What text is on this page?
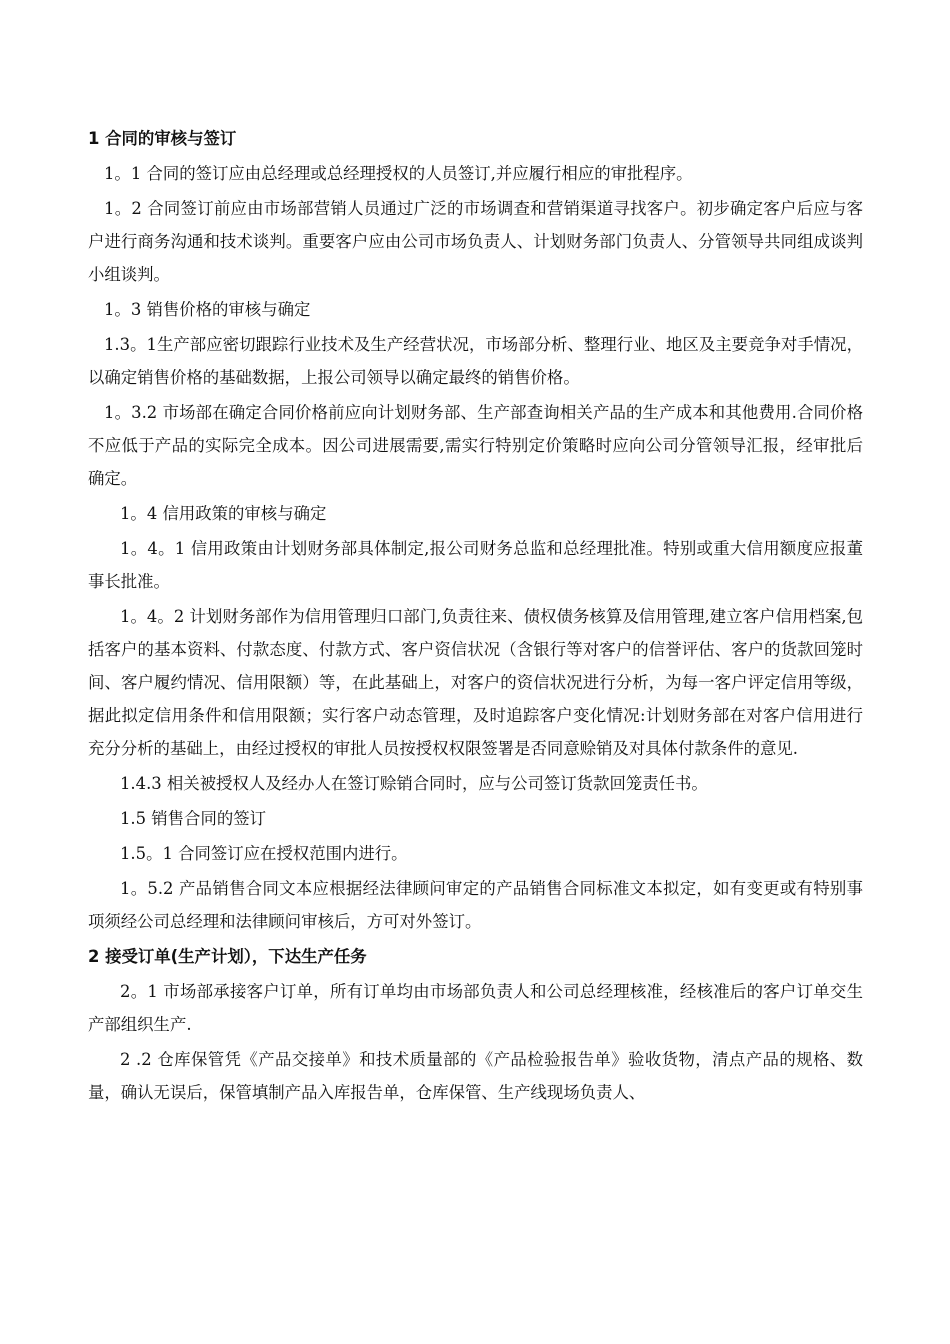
1 合同的审核与签订

1。1 合同的签订应由总经理或总经理授权的人员签订,并应履行相应的审批程序。

1。2 合同签订前应由市场部营销人员通过广泛的市场调查和营销渠道寻找客户。初步确定客户后应与客户进行商务沟通和技术谈判。重要客户应由公司市场负责人、计划财务部门负责人、分管领导共同组成谈判小组谈判。

1。3 销售价格的审核与确定

1.3。1生产部应密切跟踪行业技术及生产经营状况，市场部分析、整理行业、地区及主要竞争对手情况，以确定销售价格的基础数据，上报公司领导以确定最终的销售价格。

1。3.2 市场部在确定合同价格前应向计划财务部、生产部查询相关产品的生产成本和其他费用.合同价格不应低于产品的实际完全成本。因公司进展需要,需实行特别定价策略时应向公司分管领导汇报，经审批后确定。

1。4 信用政策的审核与确定

1。4。1 信用政策由计划财务部具体制定,报公司财务总监和总经理批准。特别或重大信用额度应报董事长批准。

1。4。2 计划财务部作为信用管理归口部门,负责往来、债权债务核算及信用管理,建立客户信用档案,包括客户的基本资料、付款态度、付款方式、客户资信状况（含银行等对客户的信誉评估、客户的货款回笼时间、客户履约情况、信用限额）等，在此基础上，对客户的资信状况进行分析，为每一客户评定信用等级，据此拟定信用条件和信用限额；实行客户动态管理，及时追踪客户变化情况:计划财务部在对客户信用进行充分分析的基础上，由经过授权的审批人员按授权权限签署是否同意赊销及对具体付款条件的意见.

1.4.3 相关被授权人及经办人在签订赊销合同时，应与公司签订货款回笼责任书。

1.5 销售合同的签订

1.5。1 合同签订应在授权范围内进行。

1。5.2 产品销售合同文本应根据经法律顾问审定的产品销售合同标准文本拟定，如有变更或有特别事项须经公司总经理和法律顾问审核后，方可对外签订。

2 接受订单(生产计划），下达生产任务

2。1 市场部承接客户订单，所有订单均由市场部负责人和公司总经理核准，经核准后的客户订单交生产部组织生产.

2 .2 仓库保管凭《产品交接单》和技术质量部的《产品检验报告单》验收货物，清点产品的规格、数量，确认无误后，保管填制产品入库报告单，仓库保管、生产线现场负责人、
